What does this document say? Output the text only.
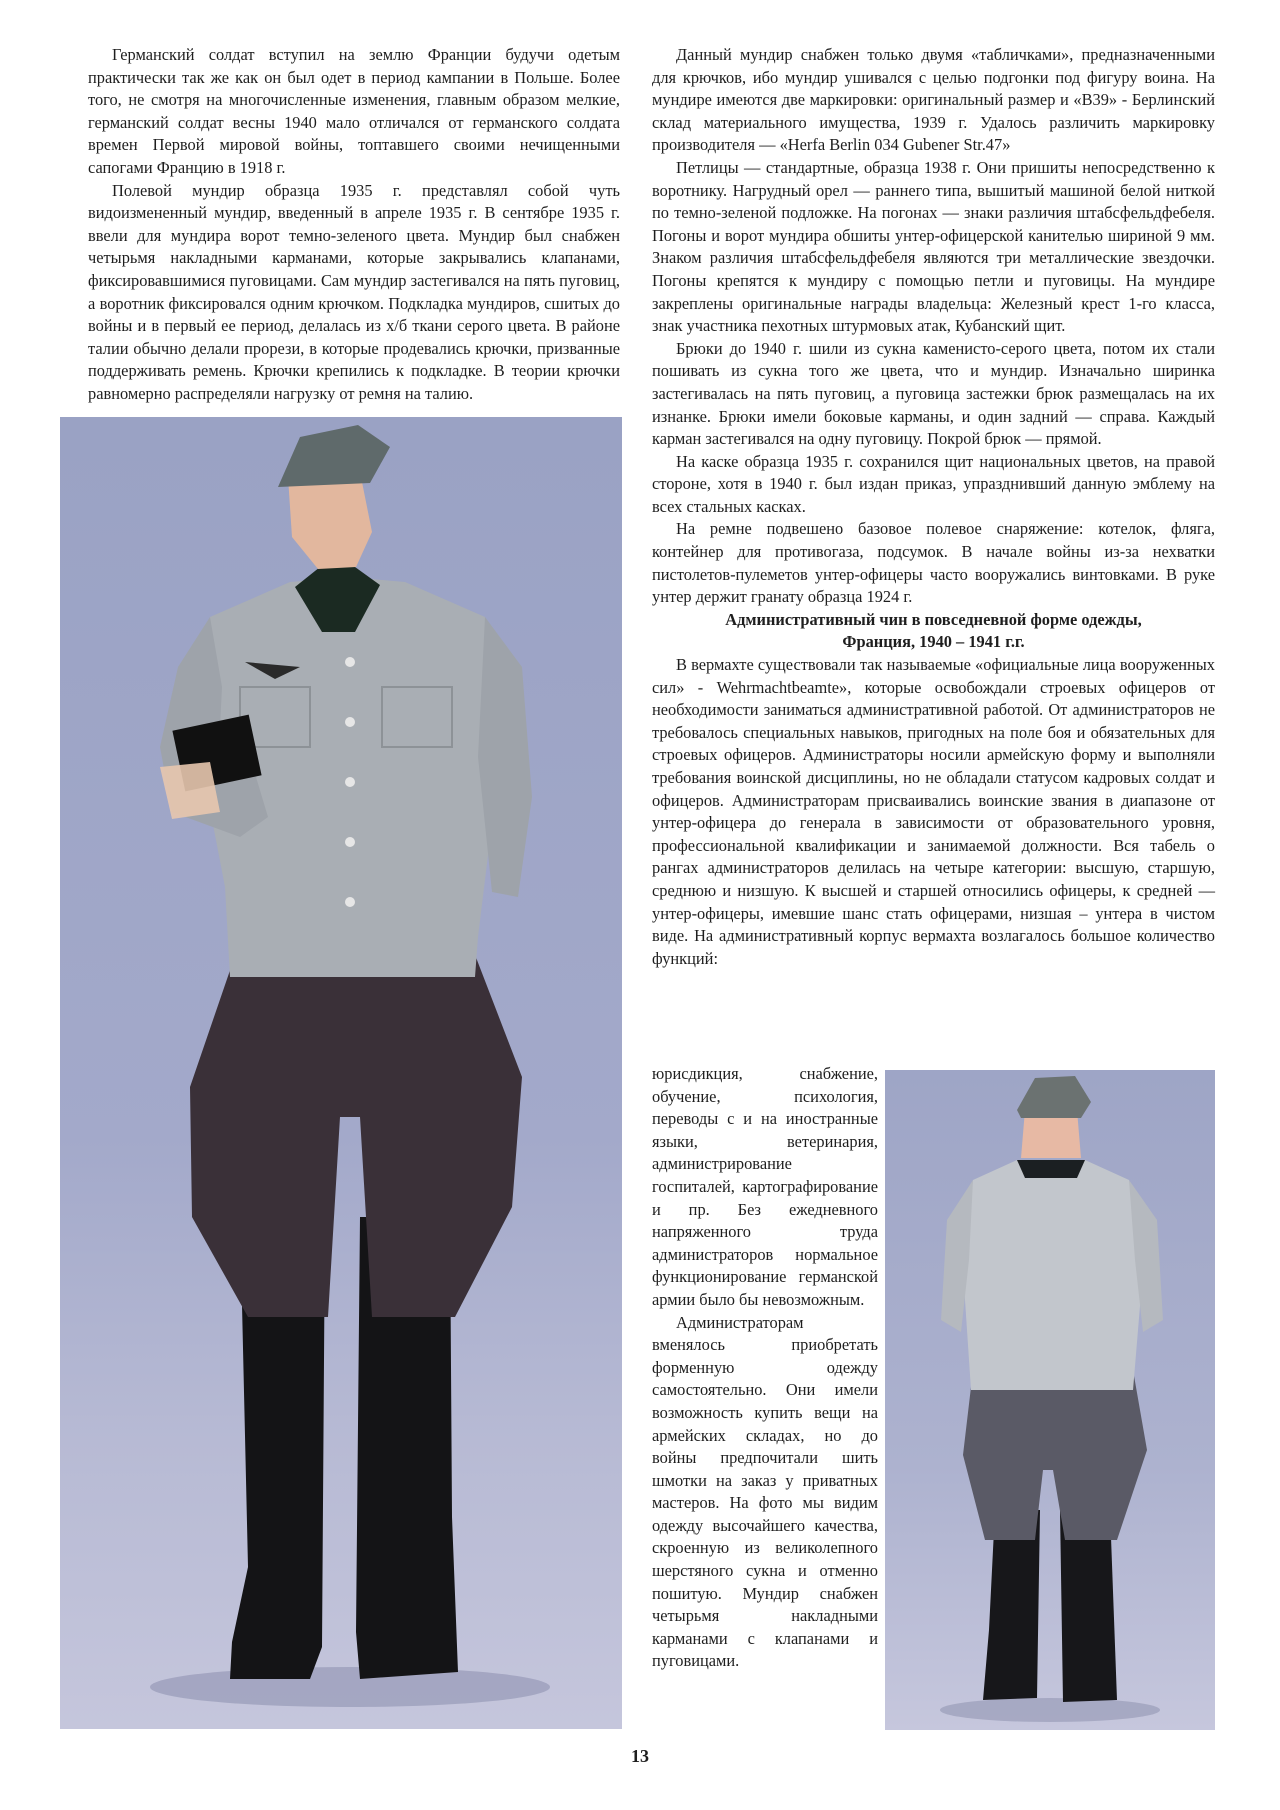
Германский солдат вступил на землю Франции будучи одетым практически так же как он был одет в период кампании в Польше. Более того, не смотря на многочисленные изменения, главным образом мелкие, германский солдат весны 1940 мало отличался от германского солдата времен Первой мировой войны, топтавшего своими нечищенными сапогами Францию в 1918 г.

Полевой мундир образца 1935 г. представлял собой чуть видоизмененный мундир, введенный в апреле 1935 г. В сентябре 1935 г. ввели для мундира ворот темно-зеленого цвета. Мундир был снабжен четырьмя накладными карманами, которые закрывались клапанами, фиксировавшимися пуговицами. Сам мундир застегивался на пять пуговиц, а воротник фиксировался одним крючком. Подкладка мундиров, сшитых до войны и в первый ее период, делалась из х/б ткани серого цвета. В районе талии обычно делали прорези, в которые продевались крючки, призванные поддерживать ремень. Крючки крепились к подкладке. В теории крючки равномерно распределяли нагрузку от ремня на талию.

Данный мундир снабжен только двумя «табличками», предназначенными для крючков, ибо мундир ушивался с целью подгонки под фигуру воина. На мундире имеются две маркировки: оригинальный размер и «B39» - Берлинский склад материального имущества, 1939 г. Удалось различить маркировку производителя — «Herfa Berlin 034 Gubener Str.47»

Петлицы — стандартные, образца 1938 г. Они пришиты непосредственно к воротнику. Нагрудный орел — раннего типа, вышитый машиной белой ниткой по темно-зеленой подложке. На погонах — знаки различия штабсфельдфебеля. Погоны и ворот мундира обшиты унтер-офицерской канителью шириной 9 мм. Знаком различия штабсфельдфебеля являются три металлические звездочки. Погоны крепятся к мундиру с помощью петли и пуговицы. На мундире закреплены оригинальные награды владельца: Железный крест 1-го класса, знак участника пехотных штурмовых атак, Кубанский щит.

Брюки до 1940 г. шили из сукна каменисто-серого цвета, потом их стали пошивать из сукна того же цвета, что и мундир. Изначально ширинка застегивалась на пять пуговиц, а пуговица застежки брюк размещалась на их изнанке. Брюки имели боковые карманы, и один задний — справа. Каждый карман застегивался на одну пуговицу. Покрой брюк — прямой.

На каске образца 1935 г. сохранился щит национальных цветов, на правой стороне, хотя в 1940 г. был издан приказ, упразднивший данную эмблему на всех стальных касках.

На ремне подвешено базовое полевое снаряжение: котелок, фляга, контейнер для противогаза, подсумок. В начале войны из-за нехватки пистолетов-пулеметов унтер-офицеры часто вооружались винтовками. В руке унтер держит гранату образца 1924 г.

Административный чин в повседневной форме одежды,
Франция, 1940 – 1941 г.г.

В вермахте существовали так называемые «официальные лица вооруженных сил» - Wehrmachtbeamte», которые освобождали строевых офицеров от необходимости заниматься административной работой. От администраторов не требовалось специальных навыков, пригодных на поле боя и обязательных для строевых офицеров. Администраторы носили армейскую форму и выполняли требования воинской дисциплины, но не обладали статусом кадровых солдат и офицеров. Администраторам присваивались воинские звания в диапазоне от унтер-офицера до генерала в зависимости от образовательного уровня, профессиональной квалификации и занимаемой должности. Вся табель о рангах администраторов делилась на четыре категории: высшую, старшую, среднюю и низшую. К высшей и старшей относились офицеры, к средней — унтер-офицеры, имевшие шанс стать офицерами, низшая – унтера в чистом виде. На административный корпус вермахта возлагалось большое количество функций:

юрисдикция, снабжение, обучение, психология, переводы с и на иностранные языки, ветеринария, администрирование госпиталей, картографирование и пр. Без ежедневного напряженного труда администраторов нормальное функционирование германской армии было бы невозможным.

Администраторам вменялось приобретать форменную одежду самостоятельно. Они имели возможность купить вещи на армейских складах, но до войны предпочитали шить шмотки на заказ у приватных мастеров. На фото мы видим одежду высочайшего качества, скроенную из великолепного шерстяного сукна и отменно пошитую. Мундир снабжен четырьмя накладными карманами с клапанами и пуговицами.

13
